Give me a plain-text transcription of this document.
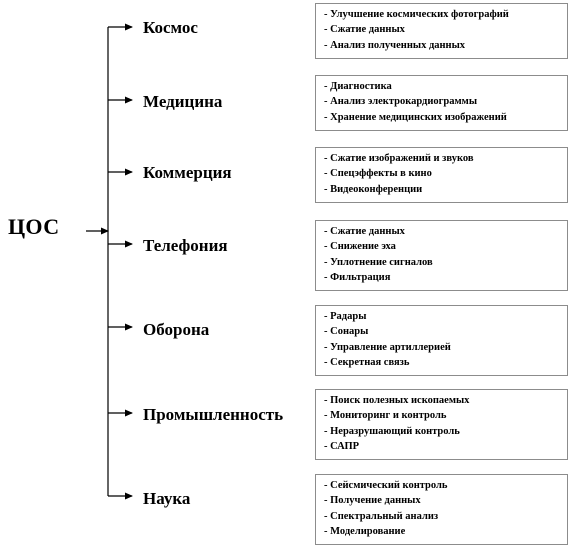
ЦОС
Космос
- Улучшение космических фотографий
- Сжатие данных
- Анализ полученных данных
Медицина
- Диагностика
- Анализ электрокардиограммы
- Хранение медицинских изображений
Коммерция
- Сжатие изображений и звуков
- Спецэффекты в кино
- Видеоконференции
Телефония
- Сжатие данных
- Снижение эха
- Уплотнение сигналов
- Фильтрация
Оборона
- Радары
- Сонары
- Управление артиллерией
- Секретная связь
Промышленность
- Поиск полезных ископаемых
- Мониторинг и контроль
- Неразрушающий контроль
- САПР
Наука
- Сейсмический контроль
- Получение данных
- Спектральный анализ
- Моделирование
